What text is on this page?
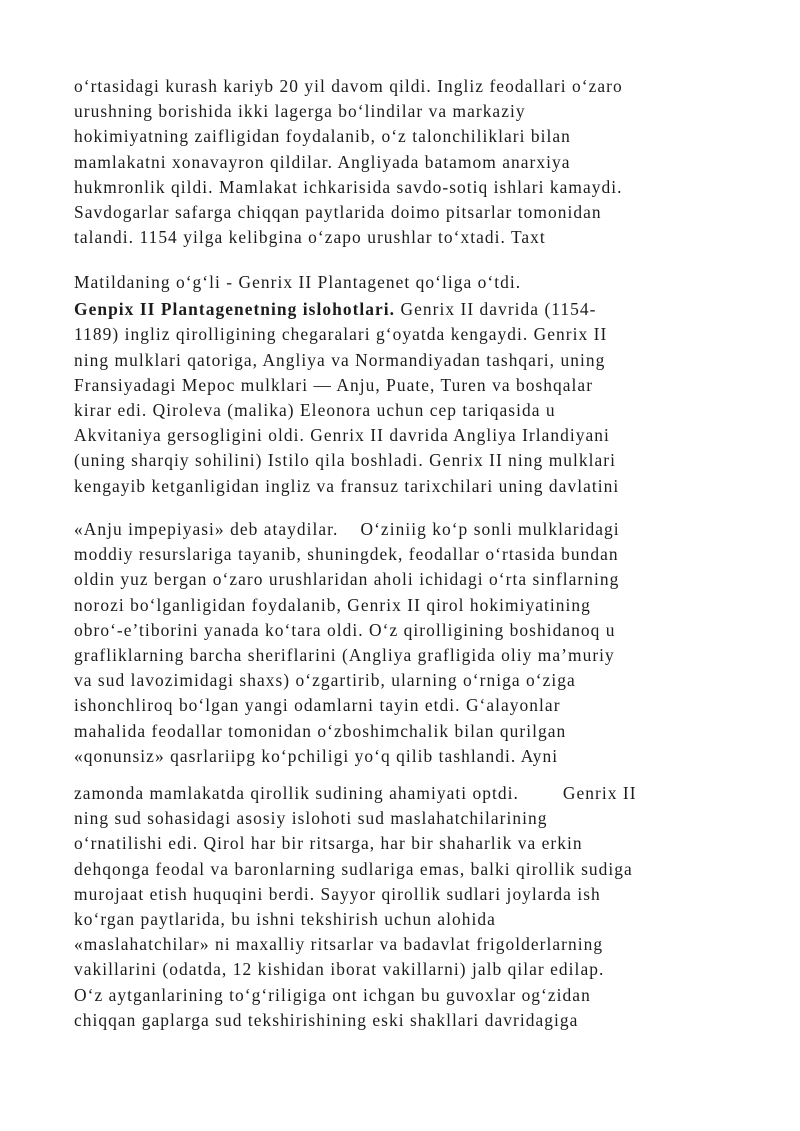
o‘rtasidagi kurash kariyb 20 yil davom qildi. Ingliz feodallari o‘zaro
urushning borishida ikki lagerga bo‘lindilar va markaziy
hokimiyatning zaifligidan foydalanib, o‘z talonchiliklari bilan
mamlakatni xonavayron qildilar. Angliyada batamom anarxiya
hukmronlik qildi. Mamlakat ichkarisida savdo-sotiq ishlari kamaydi.
Savdogarlar safarga chiqqan paytlarida doimo pitsarlar tomonidan
talandi. 1154 yilga kelibgina o‘zapo urushlar to‘xtadi. Taxt
Matildaning o‘g‘li - Genrix II Plantagenet qo‘liga o‘tdi.
Genpix II Plantagenetning islohotlari. Genrix II davrida (1154-
1189) ingliz qirolligining chegaralari g‘oyatda kengaydi. Genrix II
ning mulklari qatoriga, Angliya va Normandiyadan tashqari, uning
Fransiyadagi Mepoc mulklari — Anju, Puate, Turen va boshqalar
kirar edi. Qiroleva (malika) Eleonora uchun cep tariqasida u
Akvitaniya gersogligini oldi. Genrix II davrida Angliya Irlandiyani
(uning sharqiy sohilini) Istilo qila boshladi. Genrix II ning mulklari
kengayib ketganligidan ingliz va fransuz tarixchilari uning davlatini
«Anju impepiyasi» deb ataydilar. O‘ziniig ko‘p sonli mulklaridagi
moddiy resurslariga tayanib, shuningdek, feodallar o‘rtasida bundan
oldin yuz bergan o‘zaro urushlaridan aholi ichidagi o‘rta sinflarning
norozi bo‘lganligidan foydalanib, Genrix II qirol hokimiyatining
obro‘-e’tiborini yanada ko‘tara oldi. O‘z qirolligining boshidanoq u
grafliklarning barcha sheriflarini (Angliya grafligida oliy ma’muriy
va sud lavozimidagi shaxs) o‘zgartirib, ularning o‘rniga o‘ziga
ishonchliroq bo‘lgan yangi odamlarni tayin etdi. G‘alayonlar
mahalida feodallar tomonidan o‘zboshimchalik bilan qurilgan
«qonunsiz» qasrlariipg ko‘pchiligi yo‘q qilib tashlandi. Ayni
zamonda mamlakatda qirollik sudining ahamiyati optdi.	Genrix II
ning sud sohasidagi asosiy islohoti sud maslahatchilarining
o‘rnatilishi edi. Qirol har bir ritsarga, har bir shaharlik va erkin
dehqonga feodal va baronlarning sudlariga emas, balki qirollik sudiga
murojaat etish huquqini berdi. Sayyor qirollik sudlari joylarda ish
ko‘rgan paytlarida, bu ishni tekshirish uchun alohida
«maslahatchilar» ni maxalliy ritsarlar va badavlat frigolderlarning
vakillarini (odatda, 12 kishidan iborat vakillarni) jalb qilar edilap.
O‘z aytganlarining to‘g‘riligiga ont ichgan bu guvoxlar og‘zidan
chiqqan gaplarga sud tekshirishining eski shakllari davridagiga
